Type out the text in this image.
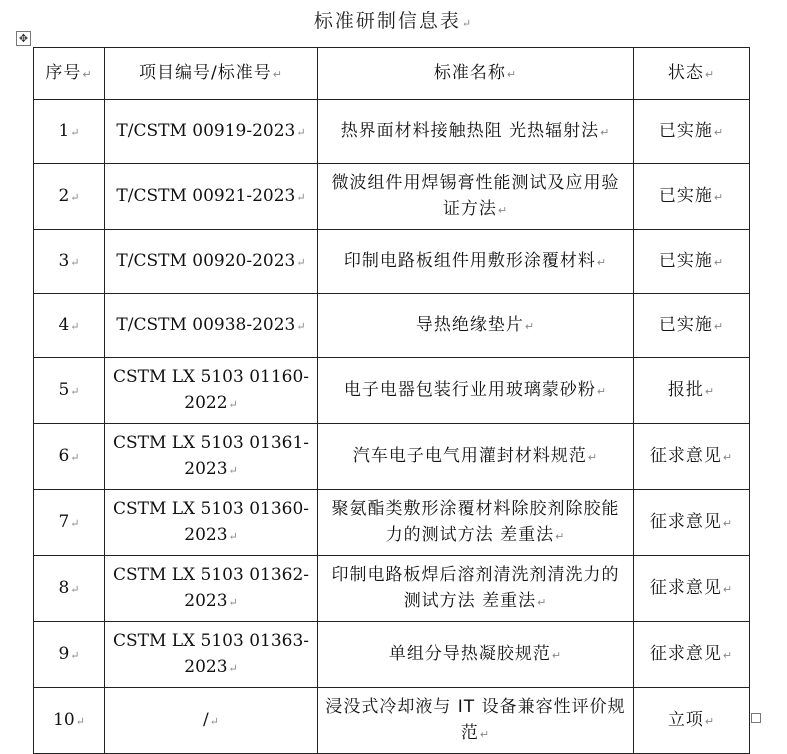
标准研制信息表↵
✥
序号↵	项目编号/标准号↵	标准名称↵	状态↵
1↵	T/CSTM 00919-2023↵	热界面材料接触热阻 光热辐射法↵	已实施↵
2↵	T/CSTM 00921-2023↵	微波组件用焊锡膏性能测试及应用验证方法↵	已实施↵
3↵	T/CSTM 00920-2023↵	印制电路板组件用敷形涂覆材料↵	已实施↵
4↵	T/CSTM 00938-2023↵	导热绝缘垫片↵	已实施↵
5↵	CSTM LX 5103 01160-2022↵	电子电器包装行业用玻璃蒙砂粉↵	报批↵
6↵	CSTM LX 5103 01361-2023↵	汽车电子电气用灌封材料规范↵	征求意见↵
7↵	CSTM LX 5103 01360-2023↵	聚氨酯类敷形涂覆材料除胶剂除胶能力的测试方法 差重法↵	征求意见↵
8↵	CSTM LX 5103 01362-2023↵	印制电路板焊后溶剂清洗剂清洗力的测试方法 差重法↵	征求意见↵
9↵	CSTM LX 5103 01363-2023↵	单组分导热凝胶规范↵	征求意见↵
10↵	/↵	浸没式冷却液与 IT 设备兼容性评价规范↵	立项↵
